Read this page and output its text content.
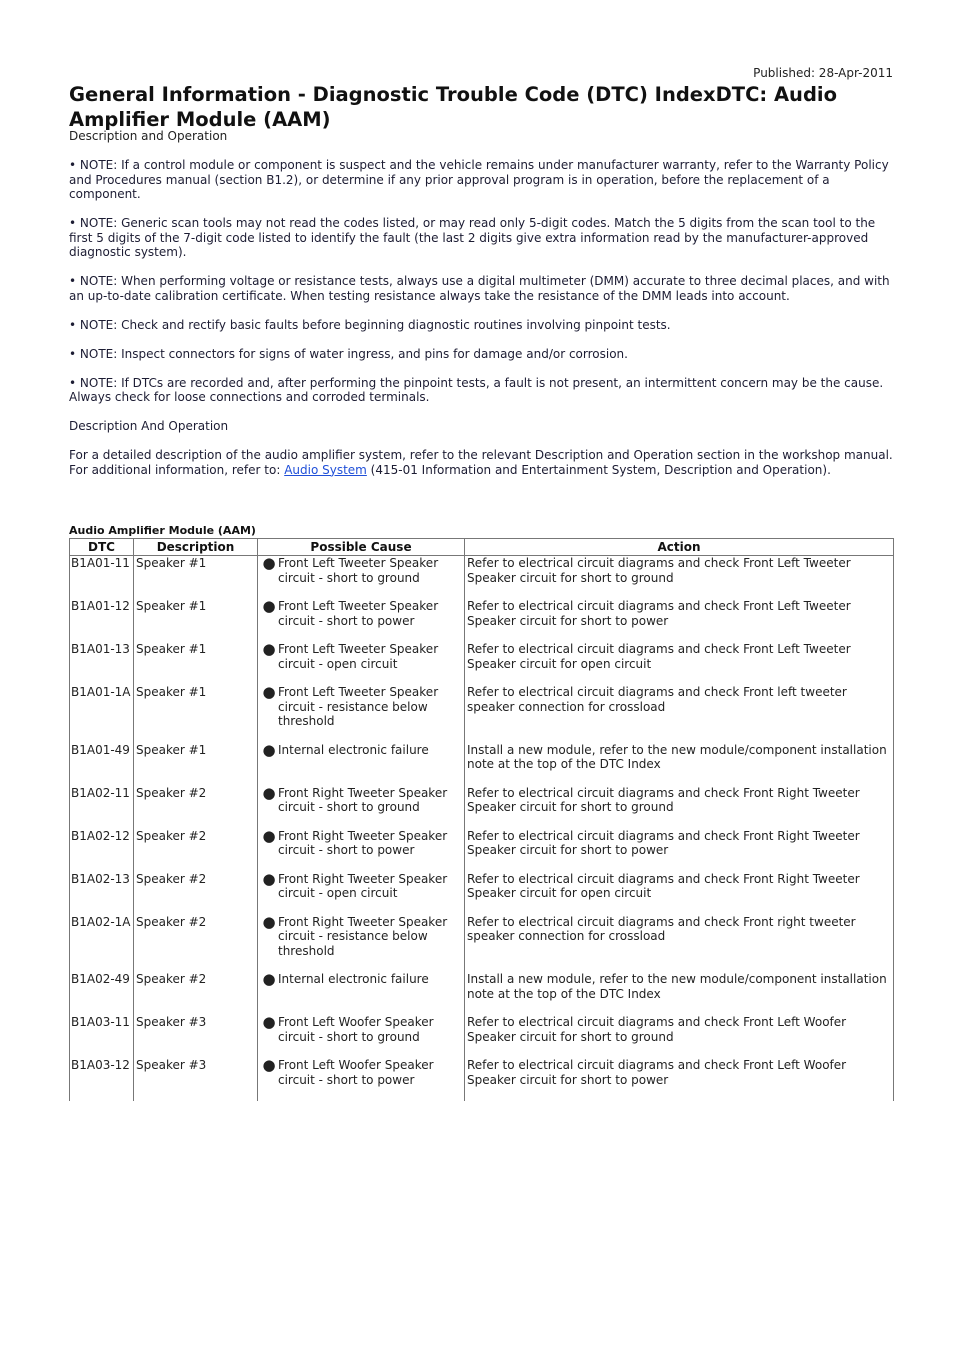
Published: 28-Apr-2011
General Information - Diagnostic Trouble Code (DTC) IndexDTC: Audio Amplifier Module (AAM)
Description and Operation

• NOTE: If a control module or component is suspect and the vehicle remains under manufacturer warranty, refer to the Warranty Policy and Procedures manual (section B1.2), or determine if any prior approval program is in operation, before the replacement of a component.

• NOTE: Generic scan tools may not read the codes listed, or may read only 5-digit codes. Match the 5 digits from the scan tool to the first 5 digits of the 7-digit code listed to identify the fault (the last 2 digits give extra information read by the manufacturer-approved diagnostic system).

• NOTE: When performing voltage or resistance tests, always use a digital multimeter (DMM) accurate to three decimal places, and with an up-to-date calibration certificate. When testing resistance always take the resistance of the DMM leads into account.

• NOTE: Check and rectify basic faults before beginning diagnostic routines involving pinpoint tests.

• NOTE: Inspect connectors for signs of water ingress, and pins for damage and/or corrosion.

• NOTE: If DTCs are recorded and, after performing the pinpoint tests, a fault is not present, an intermittent concern may be the cause. Always check for loose connections and corroded terminals.

Description And Operation

For a detailed description of the audio amplifier system, refer to the relevant Description and Operation section in the workshop manual.
For additional information, refer to: Audio System (415-01 Information and Entertainment System, Description and Operation).

Audio Amplifier Module (AAM)
DTC	Description	Possible Cause	Action
B1A01-11	Speaker #1	● Front Left Tweeter Speaker circuit - short to ground	Refer to electrical circuit diagrams and check Front Left Tweeter Speaker circuit for short to ground
B1A01-12	Speaker #1	● Front Left Tweeter Speaker circuit - short to power	Refer to electrical circuit diagrams and check Front Left Tweeter Speaker circuit for short to power
B1A01-13	Speaker #1	● Front Left Tweeter Speaker circuit - open circuit	Refer to electrical circuit diagrams and check Front Left Tweeter Speaker circuit for open circuit
B1A01-1A	Speaker #1	● Front Left Tweeter Speaker circuit - resistance below threshold	Refer to electrical circuit diagrams and check Front left tweeter speaker connection for crossload
B1A01-49	Speaker #1	● Internal electronic failure	Install a new module, refer to the new module/component installation note at the top of the DTC Index
B1A02-11	Speaker #2	● Front Right Tweeter Speaker circuit - short to ground	Refer to electrical circuit diagrams and check Front Right Tweeter Speaker circuit for short to ground
B1A02-12	Speaker #2	● Front Right Tweeter Speaker circuit - short to power	Refer to electrical circuit diagrams and check Front Right Tweeter Speaker circuit for short to power
B1A02-13	Speaker #2	● Front Right Tweeter Speaker circuit - open circuit	Refer to electrical circuit diagrams and check Front Right Tweeter Speaker circuit for open circuit
B1A02-1A	Speaker #2	● Front Right Tweeter Speaker circuit - resistance below threshold	Refer to electrical circuit diagrams and check Front right tweeter speaker connection for crossload
B1A02-49	Speaker #2	● Internal electronic failure	Install a new module, refer to the new module/component installation note at the top of the DTC Index
B1A03-11	Speaker #3	● Front Left Woofer Speaker circuit - short to ground	Refer to electrical circuit diagrams and check Front Left Woofer Speaker circuit for short to ground
B1A03-12	Speaker #3	● Front Left Woofer Speaker circuit - short to power	Refer to electrical circuit diagrams and check Front Left Woofer Speaker circuit for short to power
